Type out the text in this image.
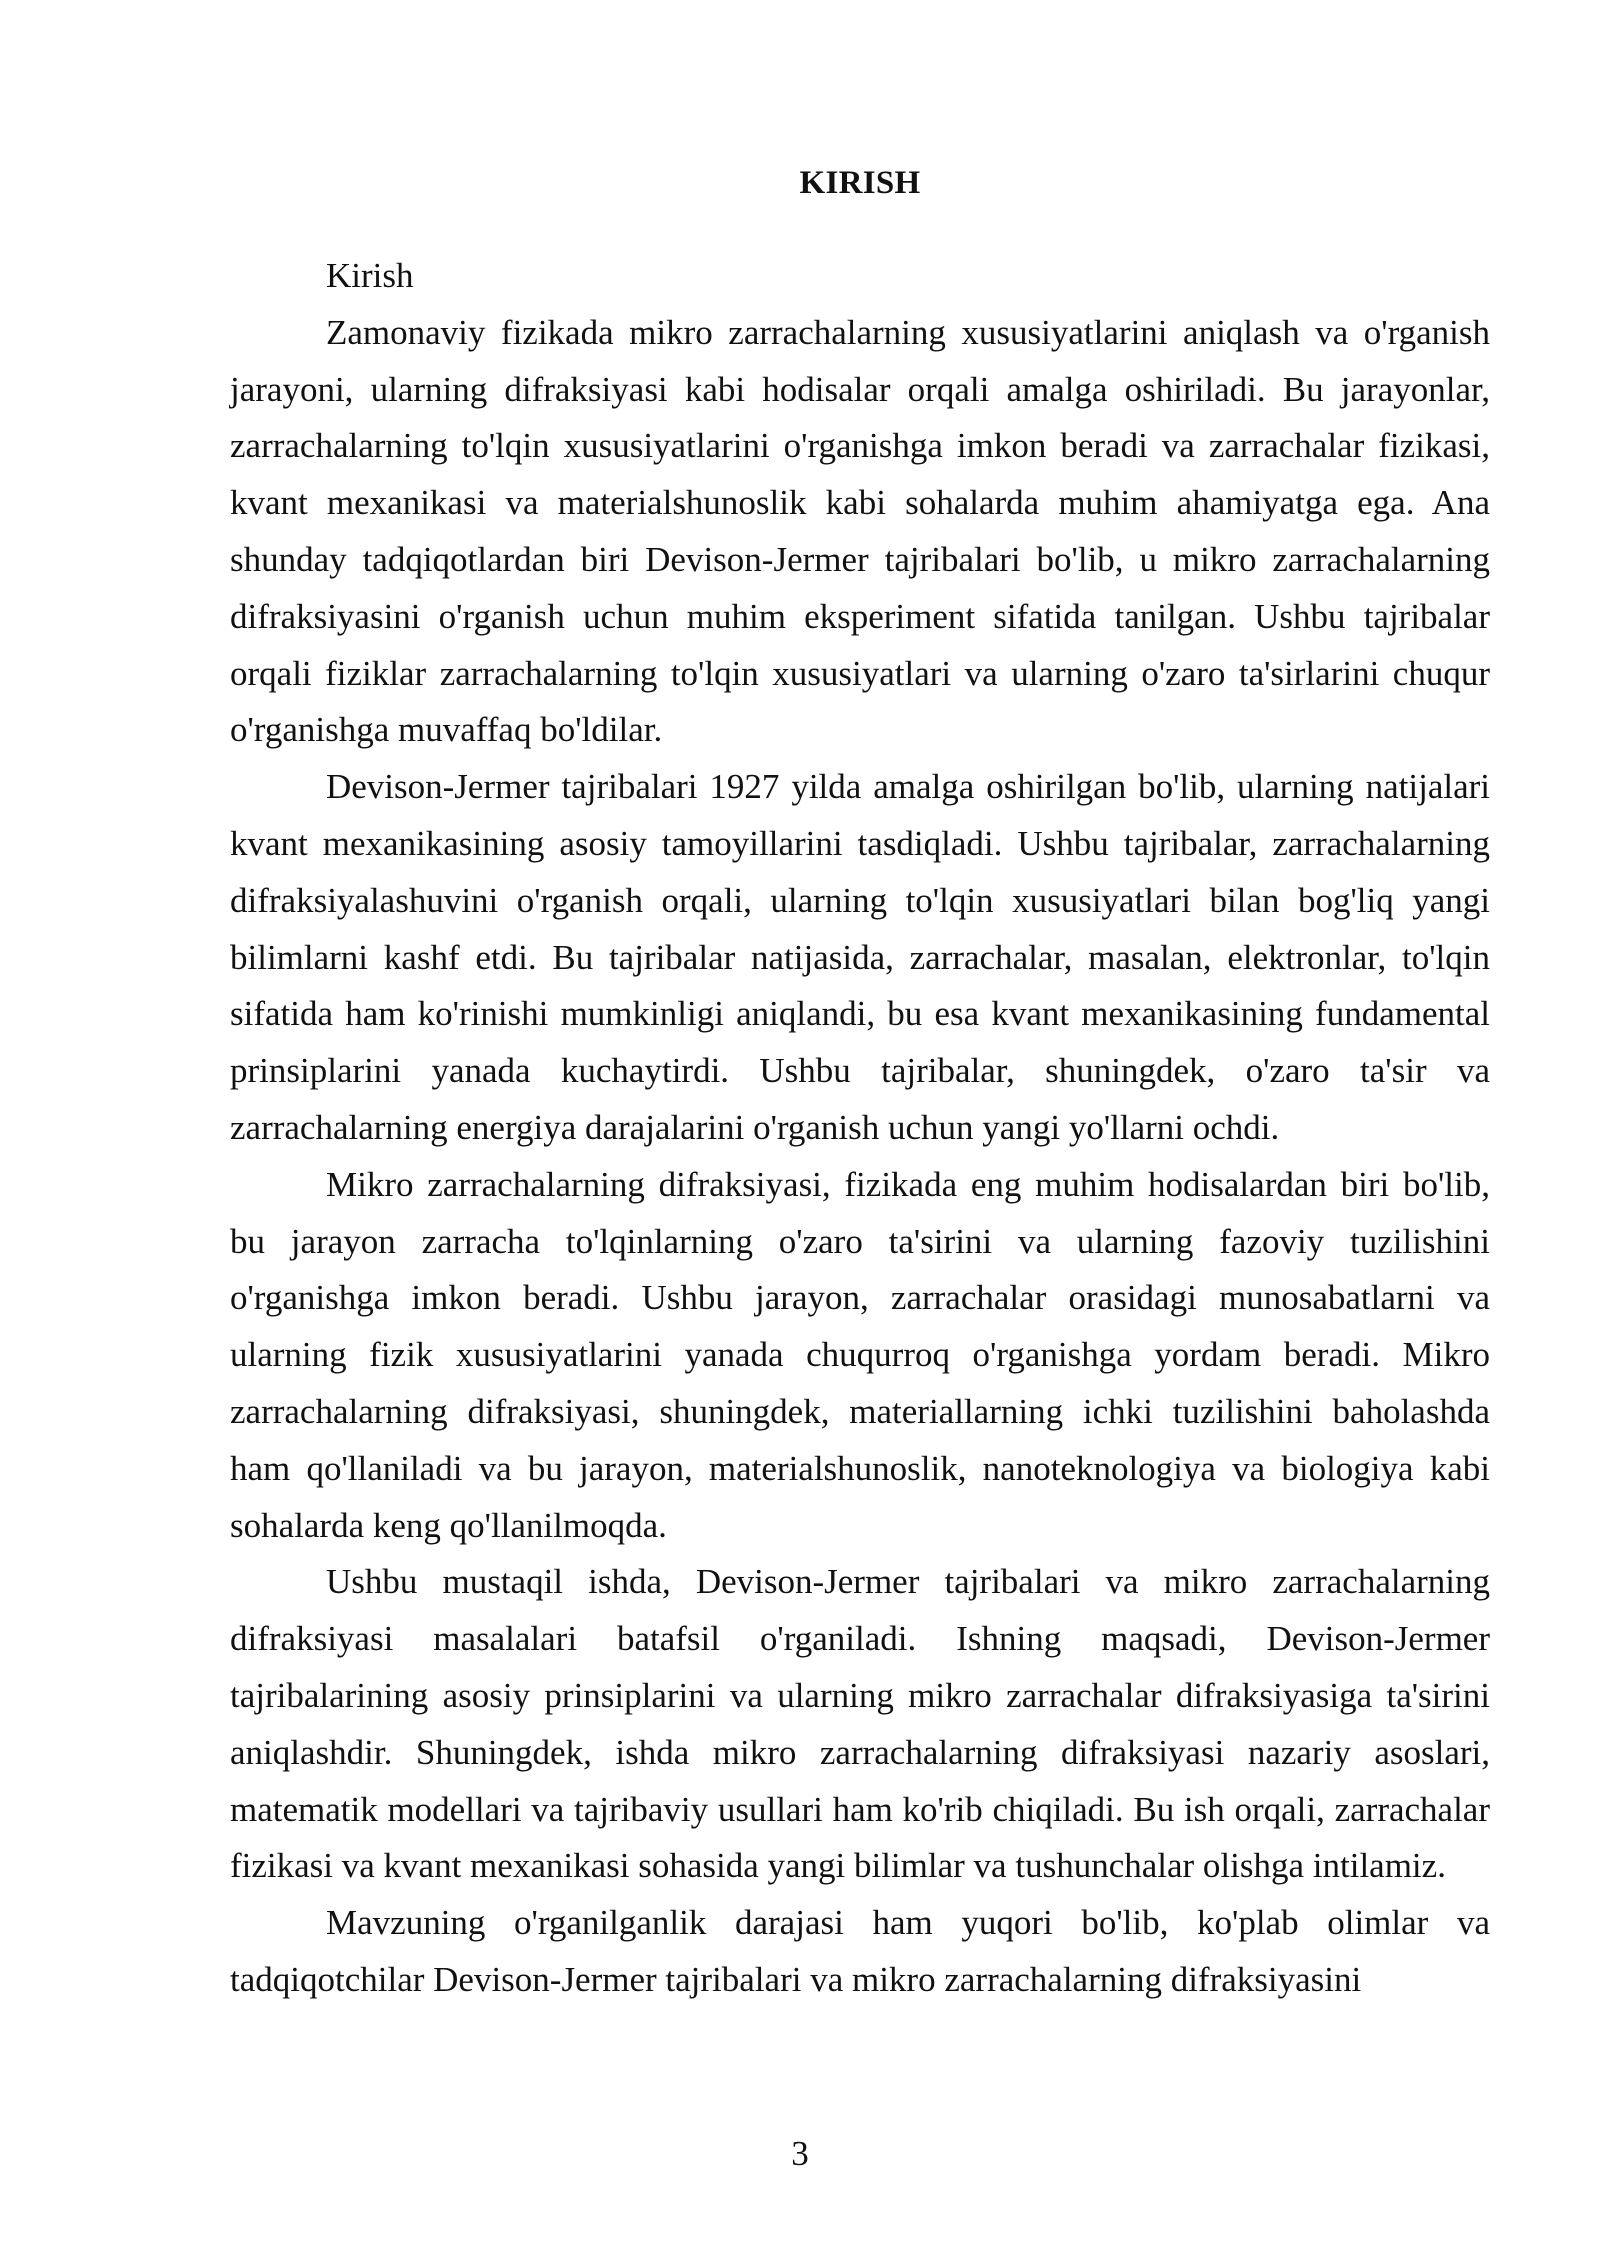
KIRISH

Kirish

Zamonaviy fizikada mikro zarrachalarning xususiyatlarini aniqlash va o'rganish jarayoni, ularning difraksiyasi kabi hodisalar orqali amalga oshiriladi. Bu jarayonlar, zarrachalarning to'lqin xususiyatlarini o'rganishga imkon beradi va zarrachalar fizikasi, kvant mexanikasi va materialshunoslik kabi sohalarda muhim ahamiyatga ega. Ana shunday tadqiqotlardan biri Devison-Jermer tajribalari bo'lib, u mikro zarrachalarning difraksiyasini o'rganish uchun muhim eksperiment sifatida tanilgan. Ushbu tajribalar orqali fiziklar zarrachalarning to'lqin xususiyatlari va ularning o'zaro ta'sirlarini chuqur o'rganishga muvaffaq bo'ldilar.

Devison-Jermer tajribalari 1927 yilda amalga oshirilgan bo'lib, ularning natijalari kvant mexanikasining asosiy tamoyillarini tasdiqladi. Ushbu tajribalar, zarrachalarning difraksiyalashuvini o'rganish orqali, ularning to'lqin xususiyatlari bilan bog'liq yangi bilimlarni kashf etdi. Bu tajribalar natijasida, zarrachalar, masalan, elektronlar, to'lqin sifatida ham ko'rinishi mumkinligi aniqlandi, bu esa kvant mexanikasining fundamental prinsiplarini yanada kuchaytirdi. Ushbu tajribalar, shuningdek, o'zaro ta'sir va zarrachalarning energiya darajalarini o'rganish uchun yangi yo'llarni ochdi.

Mikro zarrachalarning difraksiyasi, fizikada eng muhim hodisalardan biri bo'lib, bu jarayon zarracha to'lqinlarning o'zaro ta'sirini va ularning fazoviy tuzilishini o'rganishga imkon beradi. Ushbu jarayon, zarrachalar orasidagi munosabatlarni va ularning fizik xususiyatlarini yanada chuqurroq o'rganishga yordam beradi. Mikro zarrachalarning difraksiyasi, shuningdek, materiallarning ichki tuzilishini baholashda ham qo'llaniladi va bu jarayon, materialshunoslik, nanoteknologiya va biologiya kabi sohalarda keng qo'llanilmoqda.

Ushbu mustaqil ishda, Devison-Jermer tajribalari va mikro zarrachalarning difraksiyasi masalalari batafsil o'rganiladi. Ishning maqsadi, Devison-Jermer tajribalarining asosiy prinsiplarini va ularning mikro zarrachalar difraksiyasiga ta'sirini aniqlashdir. Shuningdek, ishda mikro zarrachalarning difraksiyasi nazariy asoslari, matematik modellari va tajribaviy usullari ham ko'rib chiqiladi. Bu ish orqali, zarrachalar fizikasi va kvant mexanikasi sohasida yangi bilimlar va tushunchalar olishga intilamiz.

Mavzuning o'rganilganlik darajasi ham yuqori bo'lib, ko'plab olimlar va tadqiqotchilar Devison-Jermer tajribalari va mikro zarrachalarning difraksiyasini

3
